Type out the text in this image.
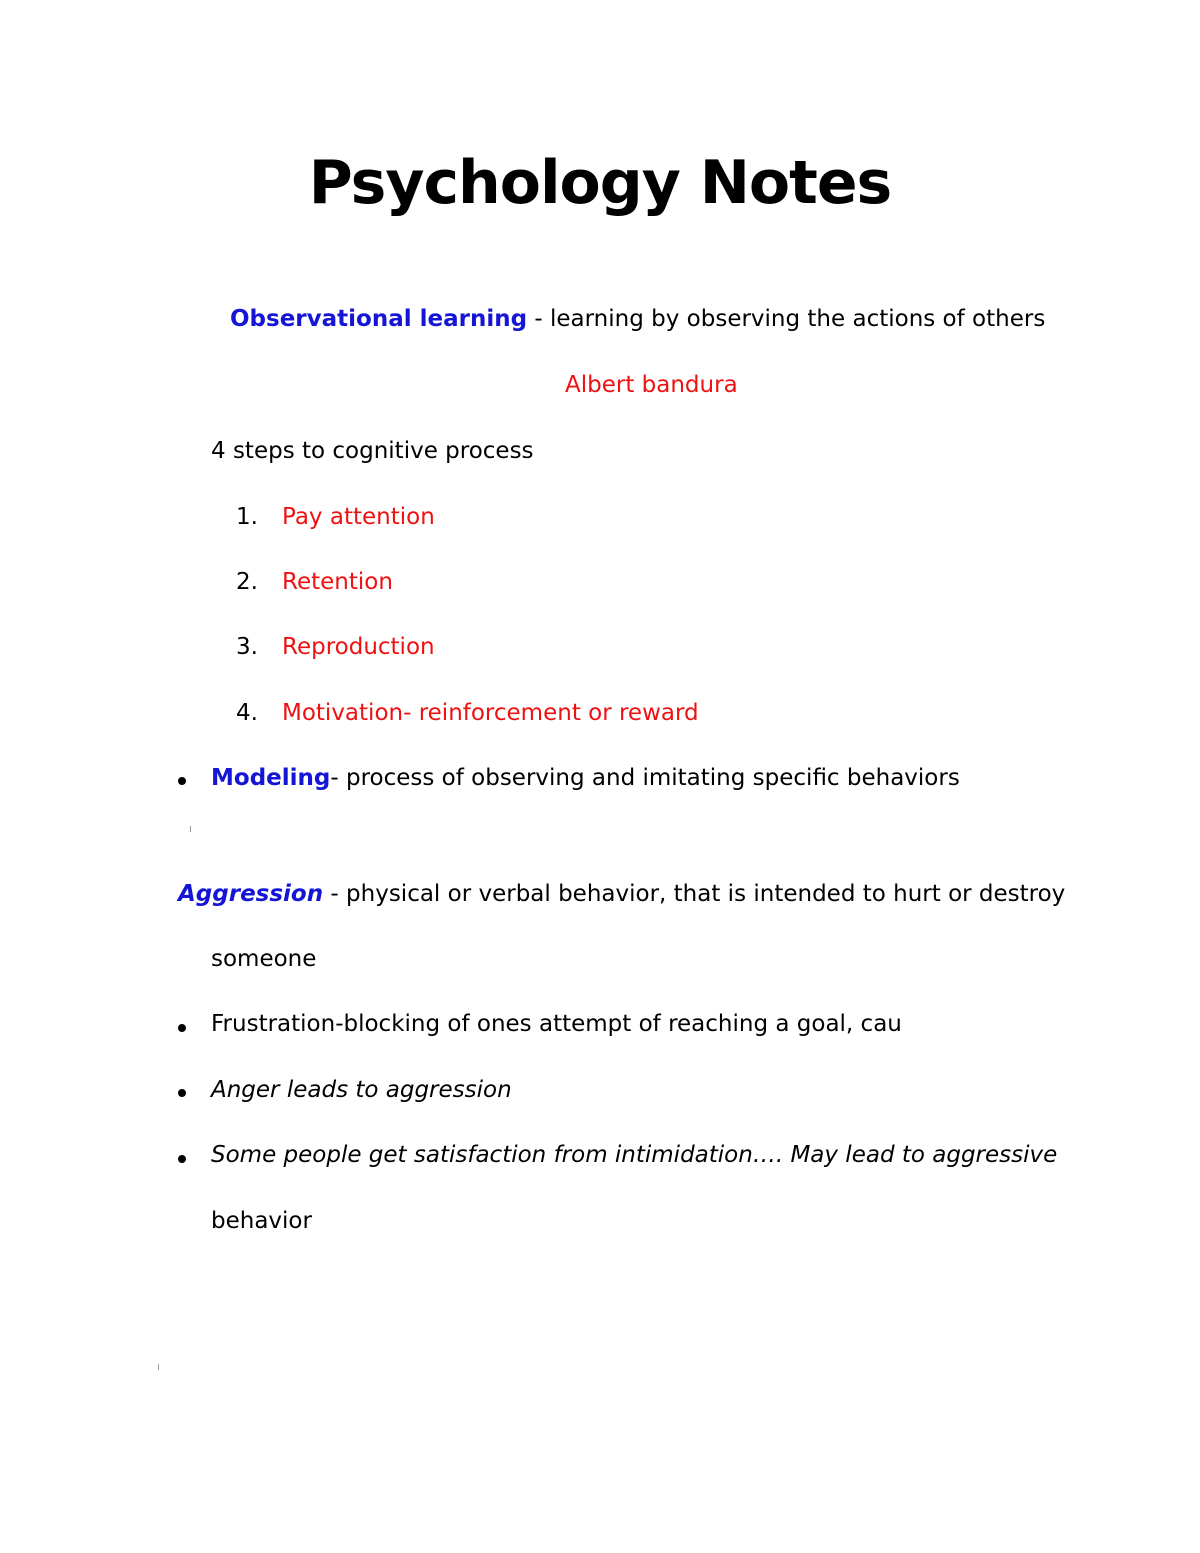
Psychology Notes
Observational learning - learning by observing the actions of others
Albert bandura
4 steps to cognitive process
1. Pay attention
2. Retention
3. Reproduction
4. Motivation- reinforcement or reward
Modeling- process of observing and imitating specific behaviors
Aggression - physical or verbal behavior, that is intended to hurt or destroy
someone
Frustration-blocking of ones attempt of reaching a goal, cau
Anger leads to aggression
Some people get satisfaction from intimidation…. May lead to aggressive
behavior
